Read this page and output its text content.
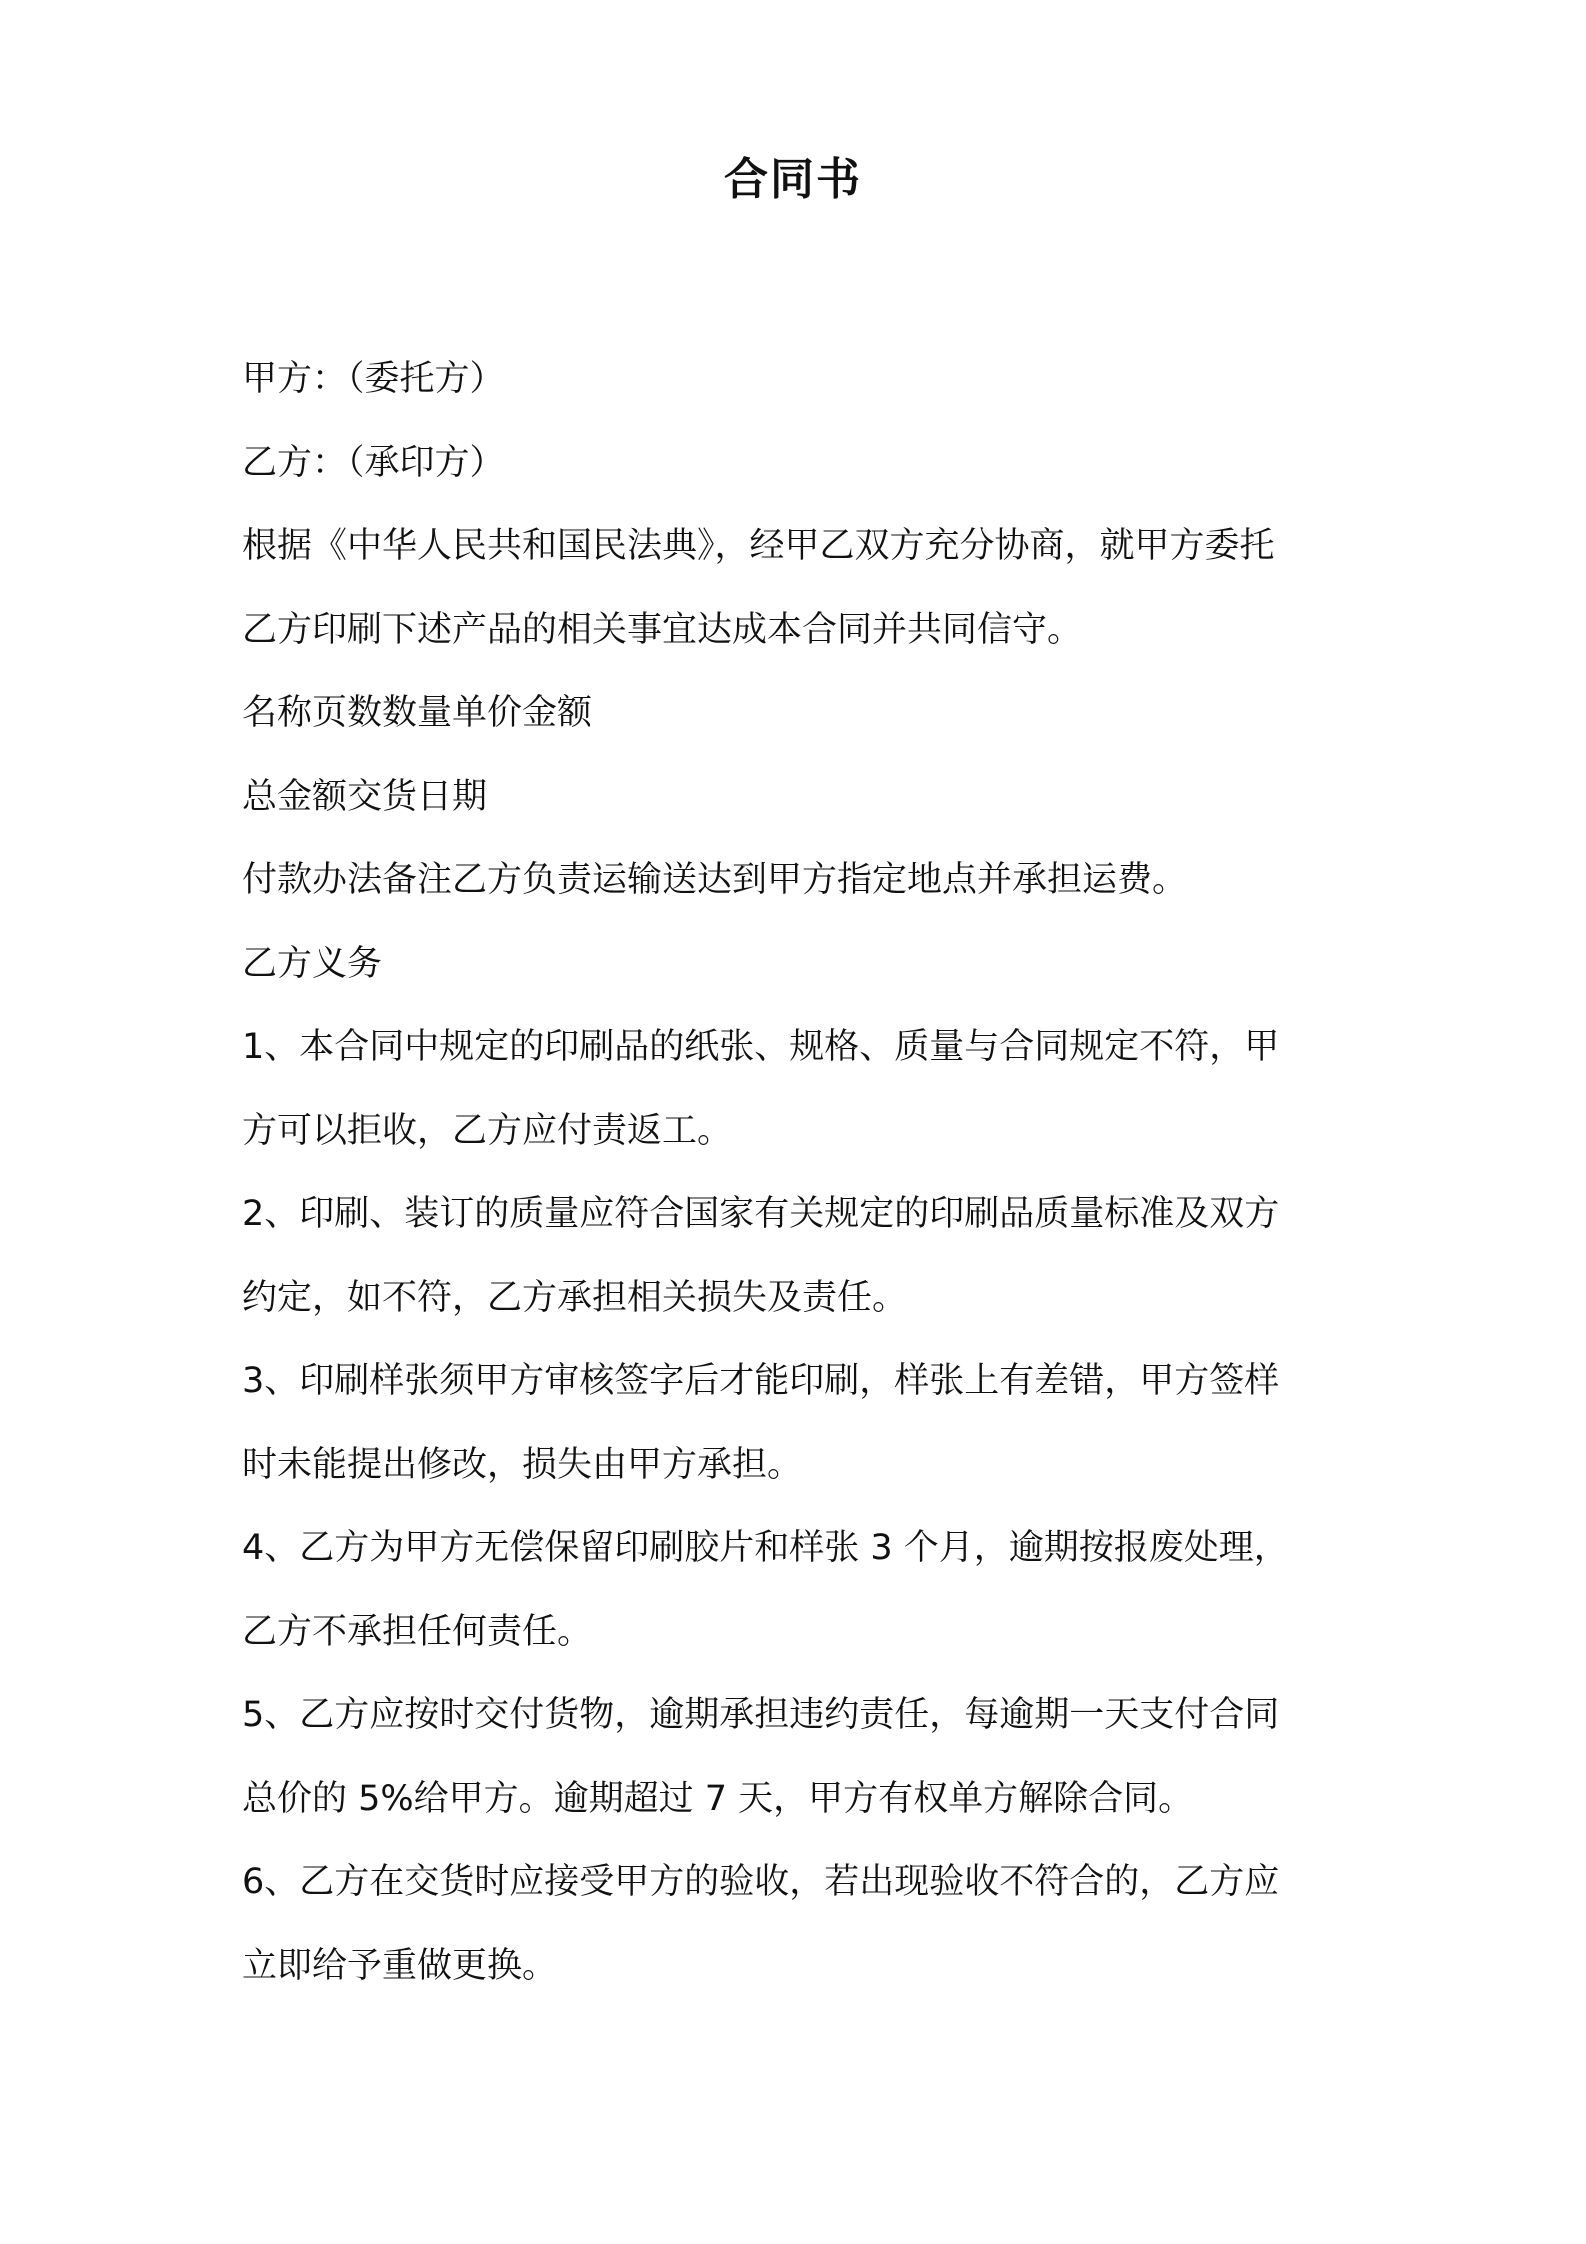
合同书

甲方：（委托方）

乙方：（承印方）

根据《中华人民共和国民法典》，经甲乙双方充分协商，就甲方委托

乙方印刷下述产品的相关事宜达成本合同并共同信守。

名称页数数量单价金额

总金额交货日期

付款办法备注乙方负责运输送达到甲方指定地点并承担运费。

乙方义务

1、本合同中规定的印刷品的纸张、规格、质量与合同规定不符，甲

方可以拒收，乙方应付责返工。

2、印刷、装订的质量应符合国家有关规定的印刷品质量标准及双方

约定，如不符，乙方承担相关损失及责任。

3、印刷样张须甲方审核签字后才能印刷，样张上有差错，甲方签样

时未能提出修改，损失由甲方承担。

4、乙方为甲方无偿保留印刷胶片和样张 3 个月，逾期按报废处理，

乙方不承担任何责任。

5、乙方应按时交付货物，逾期承担违约责任，每逾期一天支付合同

总价的 5%给甲方。逾期超过 7 天，甲方有权单方解除合同。

6、乙方在交货时应接受甲方的验收，若出现验收不符合的，乙方应

立即给予重做更换。
